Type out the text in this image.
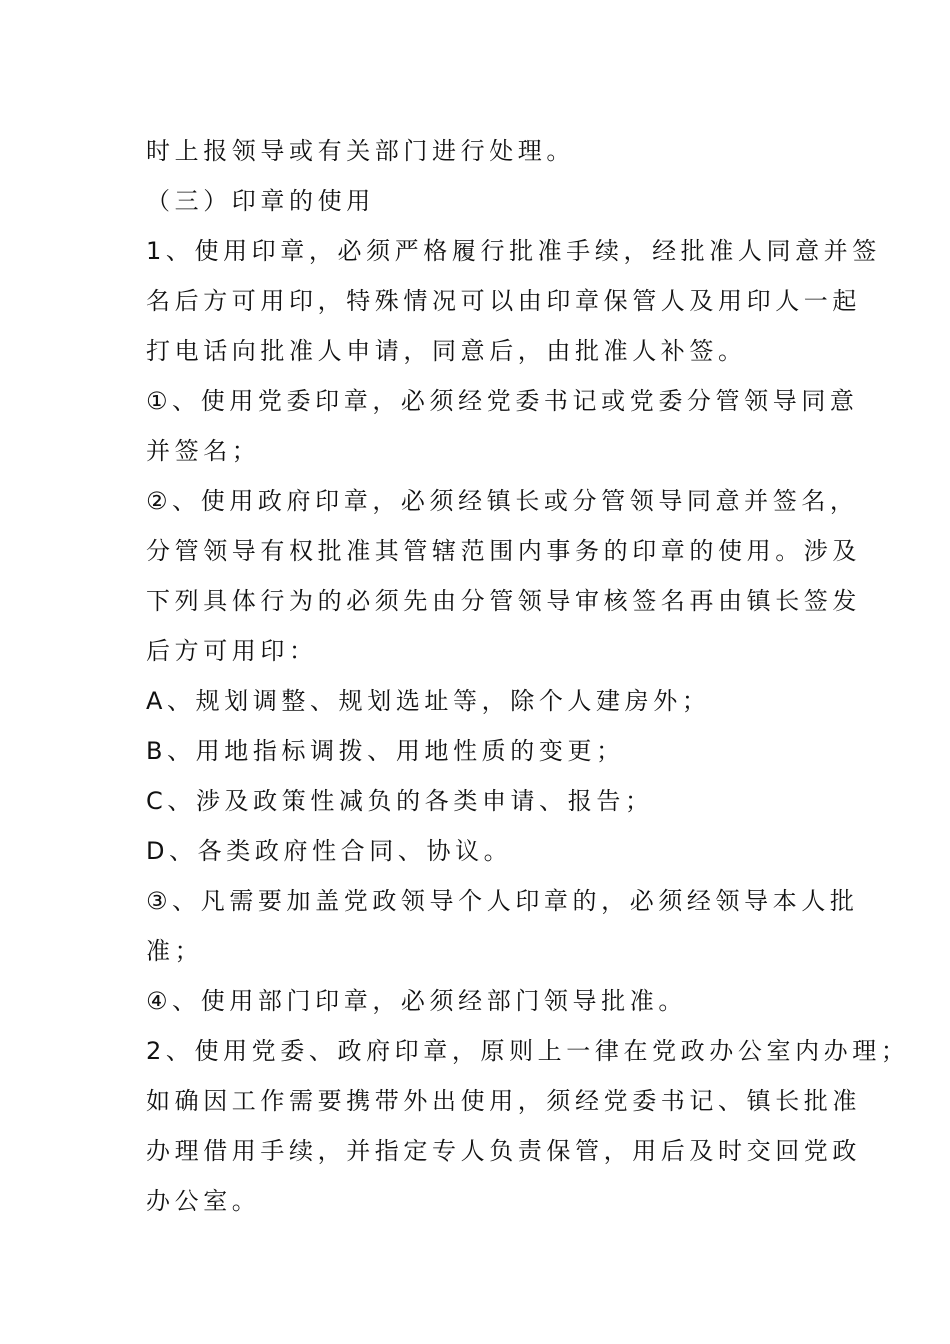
时上报领导或有关部门进行处理。

（三）印章的使用

1、使用印章，必须严格履行批准手续，经批准人同意并签

名后方可用印，特殊情况可以由印章保管人及用印人一起

打电话向批准人申请，同意后，由批准人补签。

①、使用党委印章，必须经党委书记或党委分管领导同意

并签名；

②、使用政府印章，必须经镇长或分管领导同意并签名，

分管领导有权批准其管辖范围内事务的印章的使用。涉及

下列具体行为的必须先由分管领导审核签名再由镇长签发

后方可用印：

A、规划调整、规划选址等，除个人建房外；

B、用地指标调拨、用地性质的变更；

C、涉及政策性减负的各类申请、报告；

D、各类政府性合同、协议。

③、凡需要加盖党政领导个人印章的，必须经领导本人批

准；

④、使用部门印章，必须经部门领导批准。

2、使用党委、政府印章，原则上一律在党政办公室内办理；

如确因工作需要携带外出使用，须经党委书记、镇长批准

办理借用手续，并指定专人负责保管，用后及时交回党政

办公室。
